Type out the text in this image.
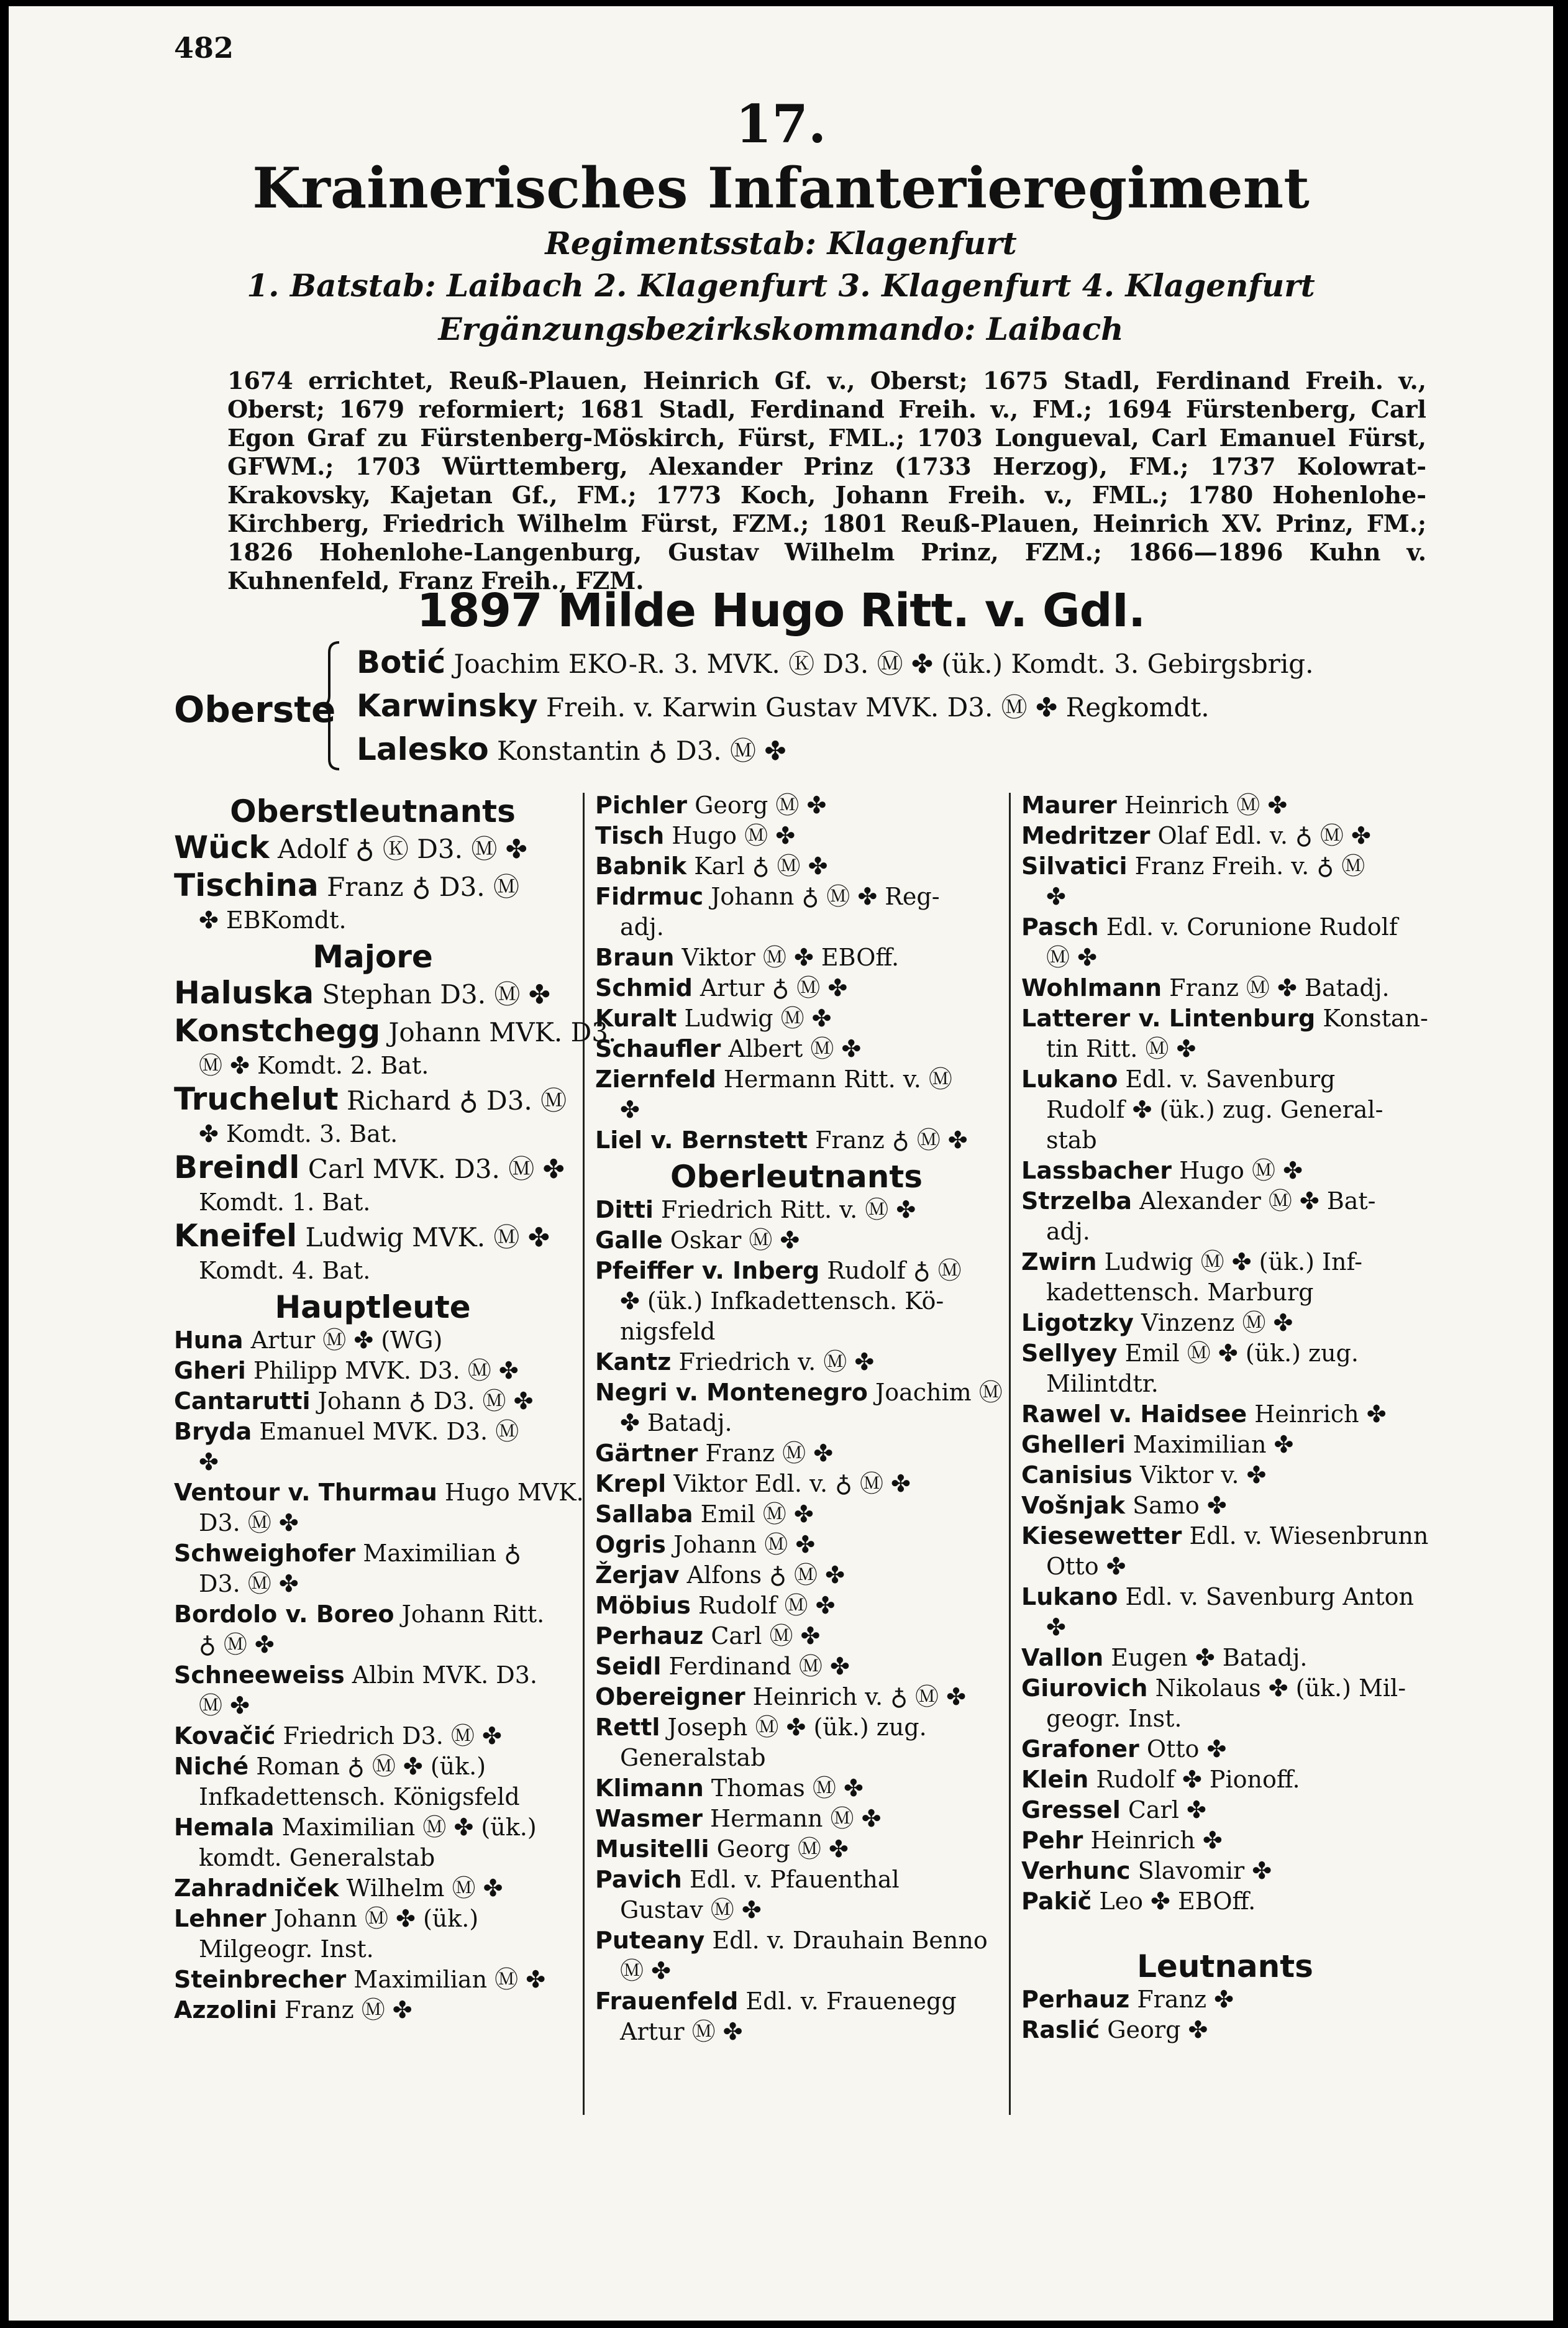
482
17.
Krainerisches Infanterieregiment
Regimentsstab: Klagenfurt
1. Batstab: Laibach 2. Klagenfurt 3. Klagenfurt 4. Klagenfurt
Ergänzungsbezirkskommando: Laibach
1674 errichtet, Reuß-Plauen, Heinrich Gf. v., Oberst; 1675 Stadl, Ferdinand Freih. v., Oberst; 1679 reformiert; 1681 Stadl, Ferdinand Freih. v., FM.; 1694 Fürstenberg, Carl Egon Graf zu Fürstenberg-Möskirch, Fürst, FML.; 1703 Longueval, Carl Emanuel Fürst, GFWM.; 1703 Württemberg, Alexander Prinz (1733 Herzog), FM.; 1737 Kolowrat-Krakovsky, Kajetan Gf., FM.; 1773 Koch, Johann Freih. v., FML.; 1780 Hohenlohe-Kirchberg, Friedrich Wilhelm Fürst, FZM.; 1801 Reuß-Plauen, Heinrich XV. Prinz, FM.; 1826 Hohenlohe-Langenburg, Gustav Wilhelm Prinz, FZM.; 1866—1896 Kuhn v. Kuhnenfeld, Franz Freih., FZM.
1897 Milde Hugo Ritt. v. GdI.
Oberste
Botić Joachim EKO-R. 3. MVK. Ⓚ D3. Ⓜ ✤ (ük.) Komdt. 3. Gebirgsbrig.
Karwinsky Freih. v. Karwin Gustav MVK. D3. Ⓜ ✤ Regkomdt.
Lalesko Konstantin ♁ D3. Ⓜ ✤
Oberstleutnants
Wück Adolf ♁ Ⓚ D3. Ⓜ ✤
Tischina Franz ♁ D3. Ⓜ
✤ EBKomdt.
Majore
Haluska Stephan D3. Ⓜ ✤
Konstchegg Johann MVK. D3.
Ⓜ ✤ Komdt. 2. Bat.
Truchelut Richard ♁ D3. Ⓜ
✤ Komdt. 3. Bat.
Breindl Carl MVK. D3. Ⓜ ✤
Komdt. 1. Bat.
Kneifel Ludwig MVK. Ⓜ ✤
Komdt. 4. Bat.
Hauptleute
Huna Artur Ⓜ ✤ (WG)
Gheri Philipp MVK. D3. Ⓜ ✤
Cantarutti Johann ♁ D3. Ⓜ ✤
Bryda Emanuel MVK. D3. Ⓜ
✤
Ventour v. Thurmau Hugo MVK.
D3. Ⓜ ✤
Schweighofer Maximilian ♁
D3. Ⓜ ✤
Bordolo v. Boreo Johann Ritt.
♁ Ⓜ ✤
Schneeweiss Albin MVK. D3.
Ⓜ ✤
Kovačić Friedrich D3. Ⓜ ✤
Niché Roman ♁ Ⓜ ✤ (ük.)
Infkadettensch. Königsfeld
Hemala Maximilian Ⓜ ✤ (ük.)
komdt. Generalstab
Zahradniček Wilhelm Ⓜ ✤
Lehner Johann Ⓜ ✤ (ük.)
Milgeogr. Inst.
Steinbrecher Maximilian Ⓜ ✤
Azzolini Franz Ⓜ ✤
Pichler Georg Ⓜ ✤
Tisch Hugo Ⓜ ✤
Babnik Karl ♁ Ⓜ ✤
Fidrmuc Johann ♁ Ⓜ ✤ Reg-
adj.
Braun Viktor Ⓜ ✤ EBOff.
Schmid Artur ♁ Ⓜ ✤
Kuralt Ludwig Ⓜ ✤
Schaufler Albert Ⓜ ✤
Ziernfeld Hermann Ritt. v. Ⓜ
✤
Liel v. Bernstett Franz ♁ Ⓜ ✤
Oberleutnants
Ditti Friedrich Ritt. v. Ⓜ ✤
Galle Oskar Ⓜ ✤
Pfeiffer v. Inberg Rudolf ♁ Ⓜ
✤ (ük.) Infkadettensch. Kö-
nigsfeld
Kantz Friedrich v. Ⓜ ✤
Negri v. Montenegro Joachim Ⓜ
✤ Batadj.
Gärtner Franz Ⓜ ✤
Krepl Viktor Edl. v. ♁ Ⓜ ✤
Sallaba Emil Ⓜ ✤
Ogris Johann Ⓜ ✤
Žerjav Alfons ♁ Ⓜ ✤
Möbius Rudolf Ⓜ ✤
Perhauz Carl Ⓜ ✤
Seidl Ferdinand Ⓜ ✤
Obereigner Heinrich v. ♁ Ⓜ ✤
Rettl Joseph Ⓜ ✤ (ük.) zug.
Generalstab
Klimann Thomas Ⓜ ✤
Wasmer Hermann Ⓜ ✤
Musitelli Georg Ⓜ ✤
Pavich Edl. v. Pfauenthal
Gustav Ⓜ ✤
Puteany Edl. v. Drauhain Benno
Ⓜ ✤
Frauenfeld Edl. v. Frauenegg
Artur Ⓜ ✤
Maurer Heinrich Ⓜ ✤
Medritzer Olaf Edl. v. ♁ Ⓜ ✤
Silvatici Franz Freih. v. ♁ Ⓜ
✤
Pasch Edl. v. Corunione Rudolf
Ⓜ ✤
Wohlmann Franz Ⓜ ✤ Batadj.
Latterer v. Lintenburg Konstan-
tin Ritt. Ⓜ ✤
Lukano Edl. v. Savenburg
Rudolf ✤ (ük.) zug. General-
stab
Lassbacher Hugo Ⓜ ✤
Strzelba Alexander Ⓜ ✤ Bat-
adj.
Zwirn Ludwig Ⓜ ✤ (ük.) Inf-
kadettensch. Marburg
Ligotzky Vinzenz Ⓜ ✤
Sellyey Emil Ⓜ ✤ (ük.) zug.
Milintdtr.
Rawel v. Haidsee Heinrich ✤
Ghelleri Maximilian ✤
Canisius Viktor v. ✤
Vošnjak Samo ✤
Kiesewetter Edl. v. Wiesenbrunn
Otto ✤
Lukano Edl. v. Savenburg Anton
✤
Vallon Eugen ✤ Batadj.
Giurovich Nikolaus ✤ (ük.) Mil-
geogr. Inst.
Grafoner Otto ✤
Klein Rudolf ✤ Pionoff.
Gressel Carl ✤
Pehr Heinrich ✤
Verhunc Slavomir ✤
Pakič Leo ✤ EBOff.
Leutnants
Perhauz Franz ✤
Raslić Georg ✤
